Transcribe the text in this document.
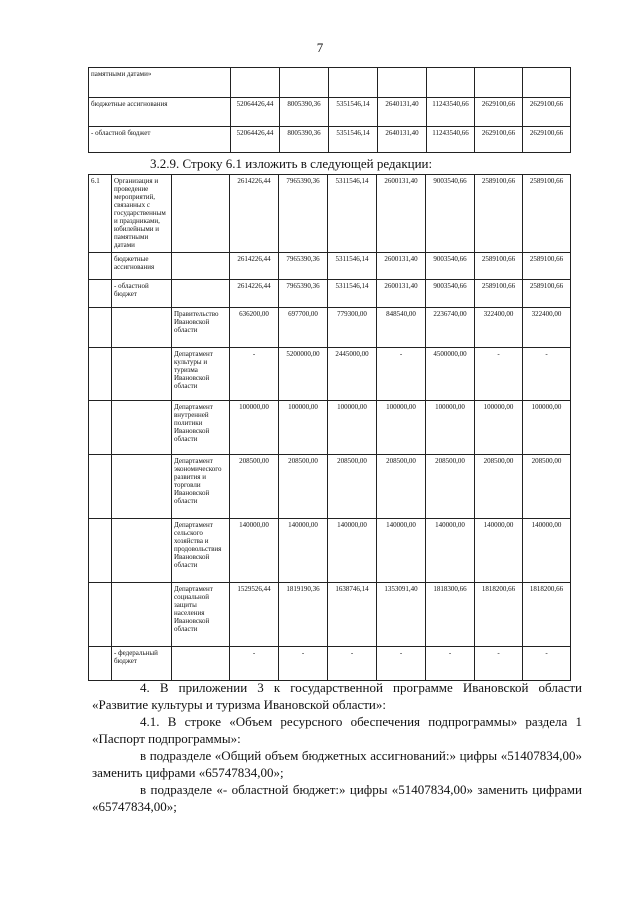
7
памятными датами»							
бюджетные ассигнования	52064426,44	8005390,36	5351546,14	2640131,40	11243540,66	2629100,66	2629100,66
- областной бюджет	52064426,44	8005390,36	5351546,14	2640131,40	11243540,66	2629100,66	2629100,66
3.2.9. Строку 6.1 изложить в следующей редакции:
6.1	Организация и проведение мероприятий, связанных с государственными праздниками, юбилейными и памятными датами		2614226,44	7965390,36	5311546,14	2600131,40	9003540,66	2589100,66	2589100,66
	бюджетные ассигнования		2614226,44	7965390,36	5311546,14	2600131,40	9003540,66	2589100,66	2589100,66
	- областной бюджет		2614226,44	7965390,36	5311546,14	2600131,40	9003540,66	2589100,66	2589100,66
		Правительство Ивановской области	636200,00	697700,00	779300,00	848540,00	2236740,00	322400,00	322400,00
		Департамент культуры и туризма Ивановской области	-	5200000,00	2445000,00	-	4500000,00	-	-
		Департамент внутренней политики Ивановской области	100000,00	100000,00	100000,00	100000,00	100000,00	100000,00	100000,00
		Департамент экономического развития и торговли Ивановской области	208500,00	208500,00	208500,00	208500,00	208500,00	208500,00	208500,00
		Департамент сельского хозяйства и продовольствия Ивановской области	140000,00	140000,00	140000,00	140000,00	140000,00	140000,00	140000,00
		Департамент социальной защиты населения Ивановской области	1529526,44	1819190,36	1638746,14	1353091,40	1818300,66	1818200,66	1818200,66
	- федеральный бюджет		-	-	-	-	-	-	-

4. В приложении 3 к государственной программе Ивановской области «Развитие культуры и туризма Ивановской области»:

4.1. В строке «Объем ресурсного обеспечения подпрограммы» раздела 1 «Паспорт подпрограммы»:

в подразделе «Общий объем бюджетных ассигнований:» цифры «51407834,00» заменить цифрами «65747834,00»;

в подразделе «- областной бюджет:» цифры «51407834,00» заменить цифрами «65747834,00»;
